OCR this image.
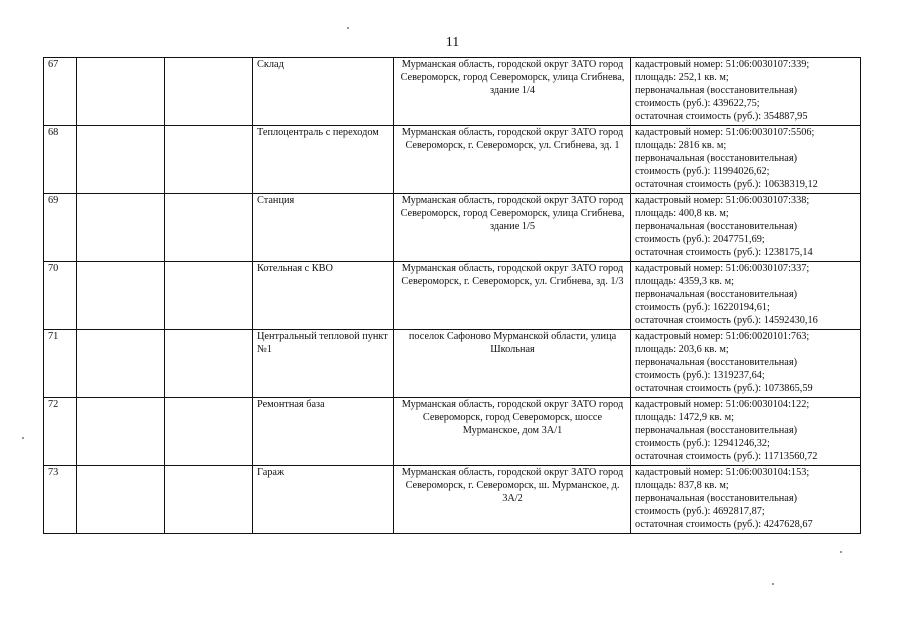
11
67			Склад	Мурманская область, городской округ ЗАТО город Североморск, город Североморск, улица Сгибнева, здание 1/4	кадастровый номер: 51:06:0030107:339;
площадь: 252,1 кв. м;
первоначальная (восстановительная)
стоимость (руб.): 439622,75;
остаточная стоимость (руб.): 354887,95

68			Теплоцентраль с переходом	Мурманская область, городской округ ЗАТО город Североморск, г. Североморск, ул. Сгибнева, зд. 1	кадастровый номер: 51:06:0030107:5506;
площадь: 2816 кв. м;
первоначальная (восстановительная)
стоимость (руб.): 11994026,62;
остаточная стоимость (руб.): 10638319,12

69			Станция	Мурманская область, городской округ ЗАТО город Североморск, город Североморск, улица Сгибнева, здание 1/5	кадастровый номер: 51:06:0030107:338;
площадь: 400,8 кв. м;
первоначальная (восстановительная)
стоимость (руб.): 2047751,69;
остаточная стоимость (руб.): 1238175,14

70			Котельная с КВО	Мурманская область, городской округ ЗАТО город Североморск, г. Североморск, ул. Сгибнева, зд. 1/3	кадастровый номер: 51:06:0030107:337;
площадь: 4359,3 кв. м;
первоначальная (восстановительная)
стоимость (руб.): 16220194,61;
остаточная стоимость (руб.): 14592430,16

71			Центральный тепловой пункт №1	поселок Сафоново Мурманской области, улица Школьная	кадастровый номер: 51:06:0020101:763;
площадь: 203,6 кв. м;
первоначальная (восстановительная)
стоимость (руб.): 1319237,64;
остаточная стоимость (руб.): 1073865,59

72			Ремонтная база	Мурманская область, городской округ ЗАТО город Североморск, город Североморск, шоссе Мурманское, дом 3А/1	кадастровый номер: 51:06:0030104:122;
площадь: 1472,9 кв. м;
первоначальная (восстановительная)
стоимость (руб.): 12941246,32;
остаточная стоимость (руб.): 11713560,72

73			Гараж	Мурманская область, городской округ ЗАТО город Североморск, г. Североморск, ш. Мурманское, д. 3А/2	кадастровый номер: 51:06:0030104:153;
площадь: 837,8 кв. м;
первоначальная (восстановительная)
стоимость (руб.): 4692817,87;
остаточная стоимость (руб.): 4247628,67
